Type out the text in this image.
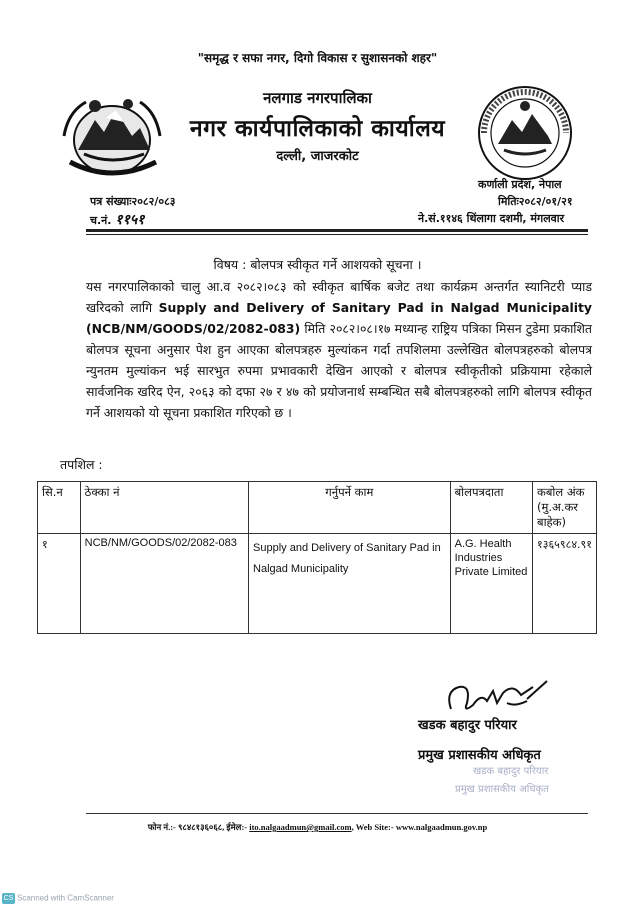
"समृद्ध र सफा नगर, दिगो विकास र सुशासनको शहर"
नलगाड नगरपालिका
नगर कार्यपालिकाको कार्यालय
दल्ली, जाजरकोट
कर्णाली प्रदेश, नेपाल
पत्र संख्याः२०८२/०८३
च.नं. ११५१
मितिः२०८२/०१/२१
ने.सं.११४६ थिंलागा दशमी, मंगलवार
विषय : बोलपत्र स्वीकृत गर्ने आशयको सूचना ।
यस नगरपालिकाको चालु आ.व २०८२।०८३ को स्वीकृत बार्षिक बजेट तथा कार्यक्रम अन्तर्गत स्यानिटरी प्याड खरिदको लागि Supply and Delivery of Sanitary Pad in Nalgad Municipality (NCB/NM/GOODS/02/2082-083) मिति २०८२।०८।१७ मध्यान्ह राष्ट्रिय पत्रिका मिसन टुडेमा प्रकाशित बोलपत्र सूचना अनुसार पेश हुन आएका बोलपत्रहरु मुल्यांकन गर्दा तपशिलमा उल्लेखित बोलपत्रहरुको बोलपत्र न्युनतम मुल्यांकन भई सारभुत रुपमा प्रभावकारी देखिन आएको र बोलपत्र स्वीकृतीको प्रक्रियामा रहेकाले सार्वजनिक खरिद ऐन, २०६३ को दफा २७ र ४७ को प्रयोजनार्थ सम्बन्धित सबै बोलपत्रहरुको लागि बोलपत्र स्वीकृत गर्ने आशयको यो सूचना प्रकाशित गरिएको छ ।
तपशिल :
सि.न	ठेक्का नं	गर्नुपर्ने काम	बोलपत्रदाता	कबोल अंक (मु.अ.कर बाहेक)
१	NCB/NM/GOODS/02/2082-083	Supply and Delivery of Sanitary Pad in Nalgad Municipality	A.G. Health Industries Private Limited	१३६५९८४.९१
खडक बहादुर परियार
प्रमुख प्रशासकीय अधिकृत
खडक बहादुर परियार
प्रमुख प्रशासकीय अधिकृत
फोन नं.:- ९८४८१३६०६८, ईमेल:- ito.nalgaadmun@gmail.com, Web Site:- www.nalgaadmun.gov.np
CS Scanned with CamScanner
